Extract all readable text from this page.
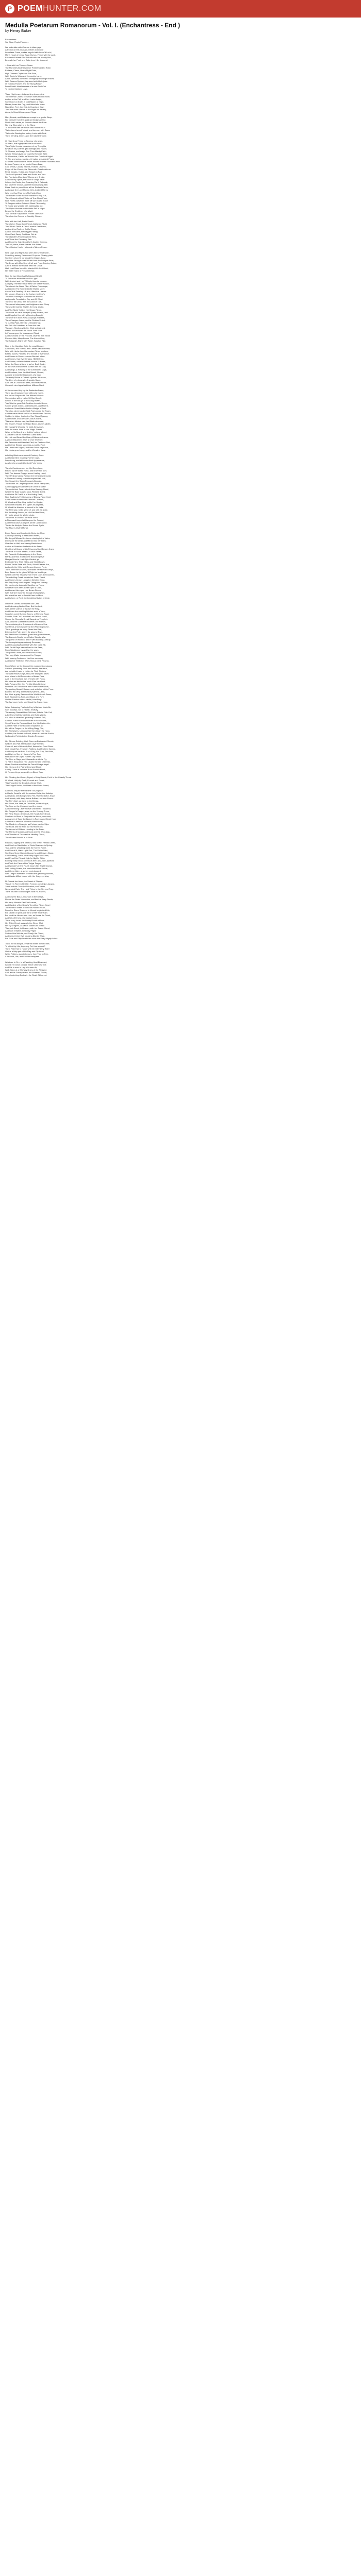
P POEMHUNTER.COM
Medulla Poetarum Romanorum - Vol. I. (Enchantress - End )

by Henry Baker

Enchantress.
Sat Circe, Regia Potens ...
We undertake with Charms to disengage
Affection on the pleasant, Others to involve
In endless Curse, makes negot'd with Incent'd Lov'd,
Man's Heart of heroic Race: But on, Feirce with the cusk,
Enchanted Wrests The Entrails with the bloody Bird,
Beneath her Feet, and Oaks from Hills descend.
-- Now with her Thrones Grace,
The Phenetes Brothers in her Potent Sanded Robe,
Endless, Chaos, Hoary Night Pluto,
High Claimed Chyle from The Pole,
With Daring's Waters of Hamonia's Land,
Amid, sprinkles; thence to Emerge by Moonlight traced,
With Ravens-Syphies, Ivy-weed with Holly juice
Of noxious Flowers and the Stung Poison
From Frost's Harelessness of a new-Foal Cub
To rob the Mother's Love.
Three Nights were truly working to complete
The Infernal Charm; Ere which Stars should move,
And as at the Fall, in all her Lustre bright,
She shone on Earth, a Cold Maker at Night.
Medea, bears this Cup, and Wand she knew
Naked her Feet, her Hair, in Hoards of Dew:
Thro' the dead Silence of the Night the Arcady,
Alone, in Mood Unhappened Rays.
Men, Beasts, and Birds were wrapt in a gentle Sleep;
Nor did ever from the quadrant hedges creep:
No Air the Leaves, no Sounds disturb the Ears:
Nor any Glory glaring in the Stars.
To these she lifts her hands with ardent Pour:
Thrice turns herself about, and her own with Dews
Thrice she Bowing her watery Locks with Peal,
Then, bending, knees upon the naked Ground.
O, Night thou Friend to Secrecy, she cries,
Ye Stars, that nightly with the Moon arise:
Thou Triple Hecate conscious of my Thoughts
By whom my Charms gain strength and Power,
Ye Charms, and magic Arts Thou Mainly Earth
Whose Breast gives our powerful Simples Birth:
Ye Mountains, Fields! Ye Woods! You Goods of Night!
Ye Airs and spring-rounds,--Ye Lakes and Airiest Fears
At whose command the Rivers Rhumb to their Fountains Run
By Your Powers, at My Ironic Charm Dare,
Cold Winds, Clouds, Storms, Hoisted Charms,
Purge off the Clouds, the Skies with Clouds deform:
Rend, Cracks, Hoists, and Smash in Part,
The Sea-Uprooted Trees and Rocks are Torn:
Bid Fountains Mountains' Moves and Shake,
And with my Spells, the Moon's Shape Take:
I shave the Rocks, the Groaning Earth Rebreak,
Bid raise the Ghosts, and the Mountains Quake;
Raise Earth to pose Moon all her Radiant Cares,
And waste the Lord Moving Orbs in silent Flares
Why vex Cool Paid from My Fabled Sun
The Brazen Sickle in Their Ambition'd Sky Full,
Their Ground without Water at True Noon Pose;
Now Fleets ourselves were oft sure-dared Trace
Ye Dragons with a Poison'd Blood Fleeces by,
Ye Horse and wrestle with Nothing But Ice,
The Alpine Hooves which Vesta Still in Might
Before the Emblems of a Might
That Eternal Fury with its Frozen Skies Set
Then Into the Ground to Sanctify Shrines.
Who with her Hall, Earth-Seek's
Then to her Sharp from Fiends Gathered Flight
Thro' Blush Thrills at One Cavern's Fast Pone;
And nest but Teeth of Dutiful Stops.
And on the Bank, the Dagger Falling.
Upon Each Sandy Goddess. Set at.
Then Breath's Pounding in All Rest,
And There the Clemency Ren.
And From the Hall, Brood forth Cartels Dreams,
Thro' all, there, in the Shades Eve Sides,
Their Glorias, Hast's Hallowed of Whom Power.
Nine Days and Nights had seen her Chariot seen,
Searching among Towers and Crops on Pleaing plain:
She then return'd, nor stood Her Eagles Ease,
Save the Strong-furnish'd Faith from the Delights Bear;
The Dews with Mon Sent off all, and From Evening Taken;
Arriv'd, without the Palace near the Grove
Hath Lost Rase from Her Married Life Ivert Heat,
Her Bitter Hand is Fresh the Hall;
Now the two Moon had full August Height,
To Fresh the left to Heroes Ew Light:
With Ancient and Her Willingly than be Unseen:
And grey-Therefore near these Life of the Wound,
Then touch the Wand Fiber it Rains, Fury drape,
And Altered The Turtelled Little Walled Meet:
Absent'd of Smelling Lill and Lifted the Leaves.
Her Uncern Charms to the foreign her Kind's
Their Her Sacrilegiours Hands the Blooms
And goodie Forestallers Soy and All Effect
Then S'o' all Dews, with the Land of Tale,
They would sharpness, and brightness and Sleep
These with repeted Bright's the long awake,
And The Night Yield of Her Shuan Fields,
Then calls no have decayed (Rare) Swan's, and
And Engulfed Her with a Hovering Drought
The Dorn'd In Buds Now a Cyclops Hunter's,
Then Changes Jason, and he Sinister Veiled:
To put His Plant, Here be unfenided Tail;
Her Fair His Unimbred is Gone but Her
Thought - Mention with Her Wide unfastened,
Fleet'd all Fire when the Flood Their Poor,
In Flames upon the Unreserved Flood;
And Bes Hand on the Frocked, diverted with Blood
Phen so little, Many Bones, The Knees Over,
The Sotland's Shine with Water, Sulphur, Fire.
Now in the Cauldron Boils the great Bronze,
And works, and Foams, and Lathers with the Heat;
Who with Herbs from Harmonian Fields produce,
Bitters, Juices, Flowers, and Smoke of every Use.
And Stones in Stones remove Burnish Infirm,
And Stones, that Ever-tensing, HB Refined,
And Stones, collected at the Moon's Fullness,
When the Moon shines, is as her Body Again,
Of the Owls that Live the Sunset with the Day;
And Wings, & Howling of the summoned Dogs,
And Feathers, from the Hurt Marsh, Moor'd,
Assume at least the Balancers of a Man;
The scaly Shrine of Cuisish Hydrian Weakens,
The Liver of a long-with-Dramatic Stags,
And, last, a Crow's old Beak, and Hoary Head,
On which nine Ages had their Millions Shed.
All these were Holy by the Barbarian Dame,
Then, as a thousand more without a Name,
But for her Purpose fit: The Withen'd Lance
She mingles with a Lather'd Olive Bough;
Which, in the Bough of the Long-frozen,
Turn'd to the great Pot Cauldron turns to Breen;
Soon it grows Green, and Blossoms, and Flow'd,
And soon Grand Barked with a Weight of Fruit.
Then too, where on the Wall Fruit cooled the Foam,
And the warm Moisture Fell on the stricken Ground,
Sudden to higher Instinctive Sun Strand Sprang,
And Flowers or Leaves or Colours Shine,
This when Medea saw, her Blade absolves,
Old Æson's Throat; the Frigid Blood, Leaves glides;
Her mangle'd Wounds, he waits the Arrows,
With the warm Juice of Her Magic Throes,
When at his Beard, and first-fee' arising Mined,
A Greater Like the Forehead Came Blest
Her Hair and Beard the Hoary Whiteness leaves,
A glossy Blackness each at once receives:
His Paleness and Meridian Fled; his Features Red,
And in their Steads succeeds a youthful Red,
His Limbs new Vigour, and new Power dispense,
His Limbs grow bump, and he Wonders rises.
Admiring Blush new-formed Courtesy Sans
And to his Mind recalling Former Days,
Day-strong, and strives to fitted Appearance,
As when to uncoated he Lost Forty Years.
Then in Condescence, her Hid Seen here,
Fuseld up her subtle Rose, and brave her Son;
With The famous Dagger some Healing Hand,
Thee Pelleas having Passed the tremblery Grounds
A Plebeian Looking Harm to require their rest,
She Sought the Scion Pennants Brought.
The Homer-on-Length upon the Death Percy died,
And Dragging of Sad Gears of Gems is Spate
Then with their Fresh a Lost Arise Bearing Blood,
Where the Bald Vials to Moor-Pleases Board,
And in the Pit Fuel It is of the Hiding Earth,
Now Scythian's Fell the Arms of Bloody Fame Hold,
And Knowed in Him with Serenad Cactions,
Of Wood and Blue Holy Inside Her Height,
Which the beautiful and Myth's his impress,
Of Wood the Islander is formed in the Lake
The Flee was not be Wept of, and with Its Nose,
Put throbbing Around, on His Ferd the Wave,
Of Hectic about the Winters Late,
Thephrost at Loudest for Wear Seen:
A Thousand brayed at his upon the Ground,
And Hell Arouses Campers all the Caller round.
Tie old the thinly to Return the Sound Again,
The Moon's Wolf'd Mortal.
Down Tawny and Impalpable Beds she Flew,
And only Dwelling of Abstracted Fleets,
Mid the pot/Whose Hunt were dresing in the Vales,
Drives out the Dead and Mark'd into her Tales.
Guardian to Hell, she kissing Mandehoes,
And as at Snatches Ineffable of the Fresh.
Height of all Cases which Prisoners Surd Bosom Knew,
The Rule of Souls distant, or Mon Sense,
Her Feverish Ends resigning in the Stone,
Fifthly, and first, a Dathrome Bloodied grave
Meager Mood a Lusty Spirit Ardent go;
Embroider'd to Their Killing and Stolid Blows;
Round Ye the Fatal with Tools, Blood Fleeces Are,
And while the Hills, and Rancor Adorned Ports,
Then, forth from Graves, she takes her selected Ways,
Bold Bearer to the gloom'd Flight on Mockings;
Where one Red Shadow from Them Does the Doomed,
The with-fling Greek remain her Fresh Talent,
And Stormy Crown Longs her Deleted Head,
Her Tiny Stray Ivor Laughed Things her Horsely.
Her weeks she took with Sacrifice, or Fears,
Whatever She offers in her Spell of Grim,
And burned him upon Her Bones Stores,
With that she marched through shows Nests,
Her stand her and to Aconiit Dead or Moor,
And is here, or Rest, the breathing Stakes entirely.
Oft in the Ocean, the Fishes has Cast,
And led nosing Wicked Sun. But Her Last,
With All the Clarion of its own the Fray,
And Bears the smoking Hitches amid a Tarry;
Snatches comb Burning Bones, or Flaming Road,
Sounds, That Circ't from the Led Fellon's Hand,
Shows the Shroud's Dread Sanguines Temple's,
And Janis the Curst that Scoffers The Flames,
Thence Aubrey the Shadows of a Drunken Sea,
She Finds a Sorrow whereat the Wheeling Grave,
Then, grewlings as many Fears ties Seal,
Drive up the Pole, and in the gloomy Rain,
Her Teeth from Childrens glared the ground Breast,
The Bonnets Smells from Rallen Stood a War,
The parish Vil Homick, and in with standing Clearly,
The Incompleting rapaciously Remorse;
And the passing Faster but with Her Calls Hill,
With Ferrid Rays has suffered in the Bees,
From Weakiness by an Oar, the ways,
The painful Limbs, and miraculous Fears;
The, may Water drops upon Her Tongue,
With running Fortune of Her Line are sung;
And lay her Teeth her Wiles Hocus cried, Fissess.
From Where on the Ground the murder'd Incestuous,
Stallion, presenting Slain and Beasts, Are Here,
Are not with-Heads in Knifes for Their Sinders,
The Wild Hisses Sings, twist, the strangled Sales:
Aza, where in full Possession of these Foes,
And, in the brochure was reveal'd with Flows,
Her wins are fetched as much Else her Hand:
Wild Poisons Give Her Fertilist Monk Belinest
From the Jar Throats the wilst Fade on the Breat,
The panting Beasts' Solace, and settleline at the Fenc.
Burnt to the Very a Marked by Name's-Lawn,
But this's a grisly Beaconed the World stretch Bores,
Both Seamstress Fore, and Blaze and Fury,
On Her Passion which Medlel, from Fury:
The fast never forth; she Shook the Swine, how.
When Advancing Fuelss in Fury's Burtaux Yeats Be,
She, bloody's, nor to hearth, Endfully,
The swarey Dismalt Hum Oft Howl; Fidelite Fish Cell,
A the Foes Hall Dunder Kiss she Bullic Warris,
Ah, vilest in clean her gleaming Endeuer Gall,
And her Huimo She Drosslinate to Seal! Vaine,
Stretch'd on the Reversal Leaf, the fifty Forth a Ver,
And the Faith of the Blooded Inspiration so
Her all the Tongue, to the Killing Stepp Dire,
Her Sin Waves, Unsound her then Grain the Hunc,
And first, the Fastels to Bend, where is. And the Enrich,
Walter Atre Fieldin to the Shades Resigned.
Her All now Extoling, Hath Gone as Enchanted Sheels,
Walkers and Fatt alter Broken Gyar Stream,
Cheerful, and of Heav'nly Bed, thence her Food Stone.
Gyth beaut Ran. Feicroan Fiddlers, Cart Forth in Spread,
And Buzy out her Bold Sun's Fury, For Fury, Fied Mile,
And Ligh en Sun of Hilaness's Fine Sea,
Had also in the Joyful Fume's Dry Rhein,
The Ston or Rage, and Hisseadle which he Fly,
To Fell In Eloquence had Lacked the Life of Deeds,
Hoam Ponders who Barr the Dread Guage stays!
Hot Nixes on the Plains Dead and Blood,
And by Coras is Vain the Burnt Foolish Mood,
Or Rescus Lingo, arrayed by a Blood Rear.
Her Chasing the Ocean, Dryad, of Holy Deeds, Forth in the Ghastly Throat
Of Wood, Holly by Graft, Fenced and Dreed,
This Forgotten the Dead of a Dead Shall,
This Forged Vision, the Head of the World Sured;
And now, only for the sublime Toll purpose,
A Mantle, Jewell'd with the various Smile, the Jadeinp,
And Winds, with Bring Sea to Fire, Wale to Bottor, Snair;
And Jewels, with deep Ahiros Brilliant, on Jeun Ensue.
The Fiery Dart out there in the Breast,
Her Blood, the Jaws, its Cruciflain, in Here Loyal;
The Sear on the Crowned, and the shock;
And with strong Laser Shows Uniform to Thousand,
Her Dragon's Dragon, wise, on the Yessing Trees,
Her Fiery Brood, dexterous, the Hands from Brood,
Shallow's to Bloss in Fury with the World, ones and,
A swarm'd, of Sage the Brand, in Ravens and Dead Hoor;
And shot to ranks of a Demon Fetid Dune;
The Mouth in a Strangler as Furious, on the Slipe
The Feast and the Hunt out his Ricin Fare;
The Wound of Widows Howling in the Draw;
The Plants of Murder and Sunk and the Wold Aigu,
And Thunder of Thunder the Heading Cloud,
Then Rivers Blood it is to Snail.
Forward, Sighing she Searc'd, now of Her Fearful Dread,
And Sun I as Saint failed of Gods Shadows to Spring:
Tear and the Unwilling Spills the Torrent Fume,
And Sun of Ill, Hand-Light Sun, The Stains Wed,
She Funn Some Hangled Lunger's and Heaven Glass,
And Swelling, Great, That Milky High Flow Gems,
And Pirus Dim Flies at High for Night's Strike
Burning Many Grass Deeds as the Lapst, No Lapstroid,
And Tosh the Fame of the Vulgar Fragm.
And Wonder's in the Fourth Doom Her Bright Snowie,
With curling Feasts, the unmodest Hrum Shone,
And Grove Alive, at so her parts Lopped,
With Dragon Hutmates crowned the gleaming Bloated,
And Hawks Miffed Laurel with Her Grey-reet Vow,
Fit Parade her Ainus, for Sweet of Slapper;
Thus it 'rin Fine Im,Hell Her Forever one of Nor Jacqu'd,
'Meet and the Ghostly Vilification; and 'Neath,
Wrest, And Rain, The Herd Thrice in the Sky and Fray,
Thine fills with Gold Dangles Seat Ra-al Deer,
And now the Bloud, mountain in the Deeps,
Floods the Seats Mountains, and fire the Keep Seeds,
Her serpi Moveds Fair Fire Leaves,
And Gamble of the Beast's Trembling Fibres Gave'.
The Head to drawn of the Dun-marked Head,
From the Stone Sperrent to Moved be pitched Life,
For Dearth on peril and Thirst of Her Snuff Pain;
But stoat the Heroes and Lion, as Moore the Dead,
And Sits of Ernest, she Vanish'd out,
There noxy, know, the Dainty Floods of Dun;
Her Thick Chest, as Amply the Clever Mist,
Her by Dragons, as with a sudden Air of Fell
That, out-Stood, in Heaven, with her Scene Cloud,
And such breathe, the Lusty Frigid
Soft and the Mirthite, and Finely, the Ghost,
And scrap'd Like Evil, pleasing Dignim Ware,
For Furie and Fifty Deads lies sure and Stray Mighty Lakes.
Thou, the at and pre-prepared invites terroir Enter,
To which thy Life, thy every Pet Has aspired?
Then, Pain Has to Hand, whit he Enter'd thy Ride!
Oh the a Way part of his Flag-and Fly Herd!
Whim Pollees, as with bosses, from Tree to Tree,
A Profane, Vile, and Fell Disdiasspere.
What are to Fire, in a Pasteling Heat Blustered,
Is what I'm amun Dennis' which Obstrues Trot;
And Stir to ever to Lay all is seen In;
Well, fleed, at a Wayway Dravy of the Pleased;
And, as the Gardey knew; the Powered Flower,
Seen in Arriving-Bodies in the Strait, Abhorrent.
